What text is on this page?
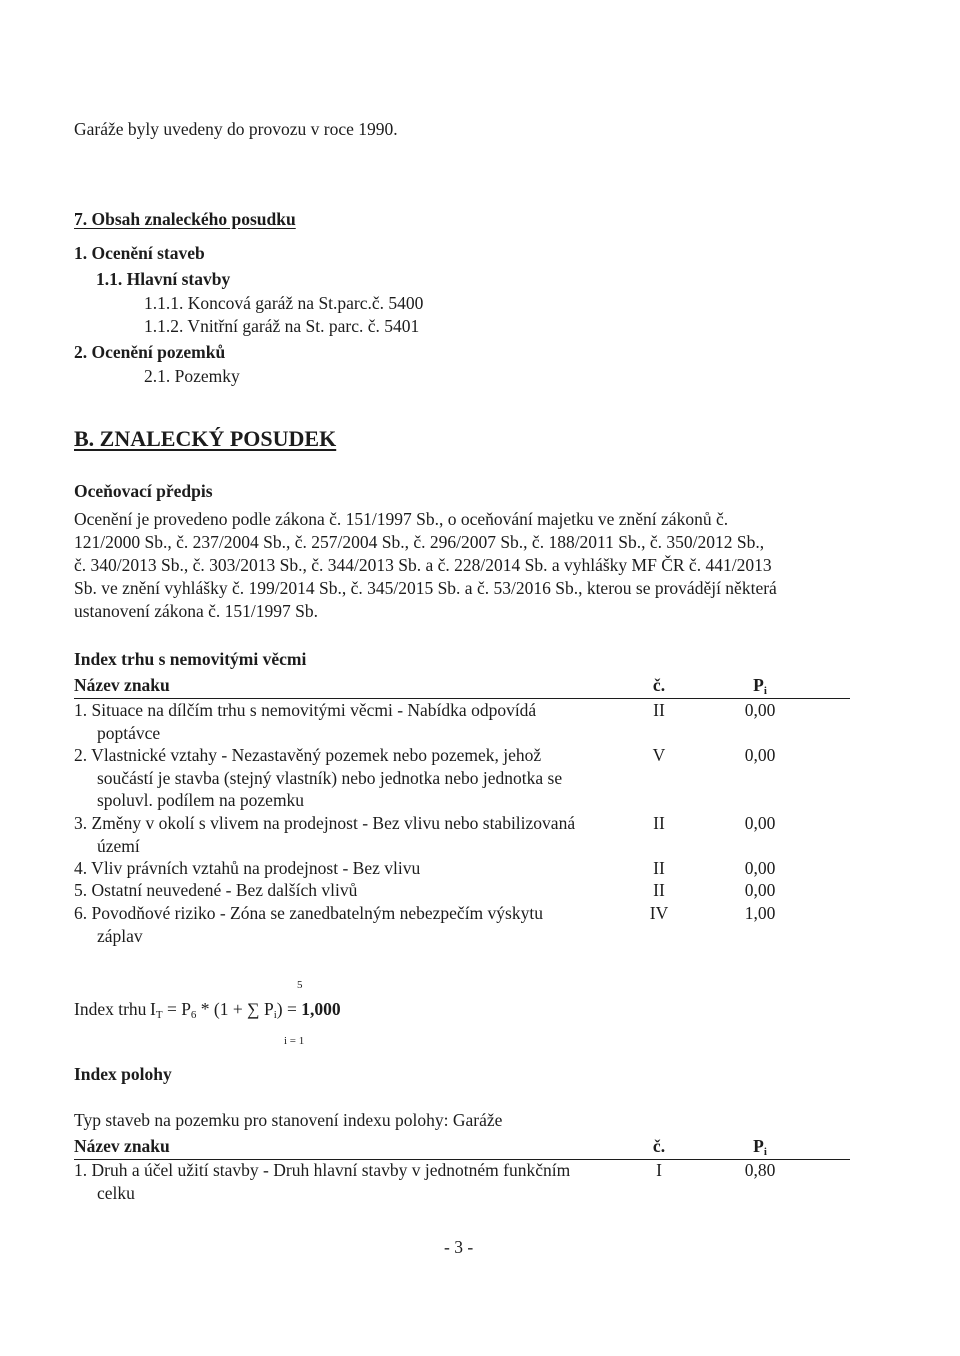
Garáže byly uvedeny do provozu v roce 1990.
7. Obsah znaleckého posudku
1. Ocenění staveb
1.1. Hlavní stavby
1.1.1. Koncová garáž na St.parc.č. 5400
1.1.2. Vnitřní garáž na St. parc. č. 5401
2. Ocenění pozemků
2.1. Pozemky
B. ZNALECKÝ POSUDEK
Oceňovací předpis
Ocenění je provedeno podle zákona č. 151/1997 Sb., o oceňování majetku ve znění zákonů č.
121/2000 Sb., č. 237/2004 Sb., č. 257/2004 Sb., č. 296/2007 Sb., č. 188/2011 Sb., č. 350/2012 Sb.,
č. 340/2013 Sb., č. 303/2013 Sb., č. 344/2013 Sb. a č. 228/2014 Sb. a vyhlášky MF ČR č. 441/2013
Sb. ve znění vyhlášky č. 199/2014 Sb., č. 345/2015 Sb. a č. 53/2016 Sb., kterou se provádějí některá
ustanovení zákona č. 151/1997 Sb.
Index trhu s nemovitými věcmi
Název znaku	č.	$P_i$
1. Situace na dílčím trhu s nemovitými věcmi - Nabídka odpovídá
poptávce
II	0,00
2. Vlastnické vztahy - Nezastavěný pozemek nebo pozemek, jehož
součástí je stavba (stejný vlastník) nebo jednotka nebo jednotka se
spoluvl. podílem na pozemku
V	0,00
3. Změny v okolí s vlivem na prodejnost - Bez vlivu nebo stabilizovaná
území
II	0,00
4. Vliv právních vztahů na prodejnost - Bez vlivu	II	0,00
5. Ostatní neuvedené - Bez dalších vlivů	II	0,00
6. Povodňové riziko - Zóna se zanedbatelným nebezpečím výskytu
záplav
IV	1,00
Index trhu $I_T = P_6 * (1$ + ∑ $P_i) = 1,000$
5
i = 1
Index polohy
Typ staveb na pozemku pro stanovení indexu polohy: Garáže
Název znaku	č.	$P_i$
1. Druh a účel užití stavby - Druh hlavní stavby v jednotném funkčním
celku
I	0,80
- 3 -
